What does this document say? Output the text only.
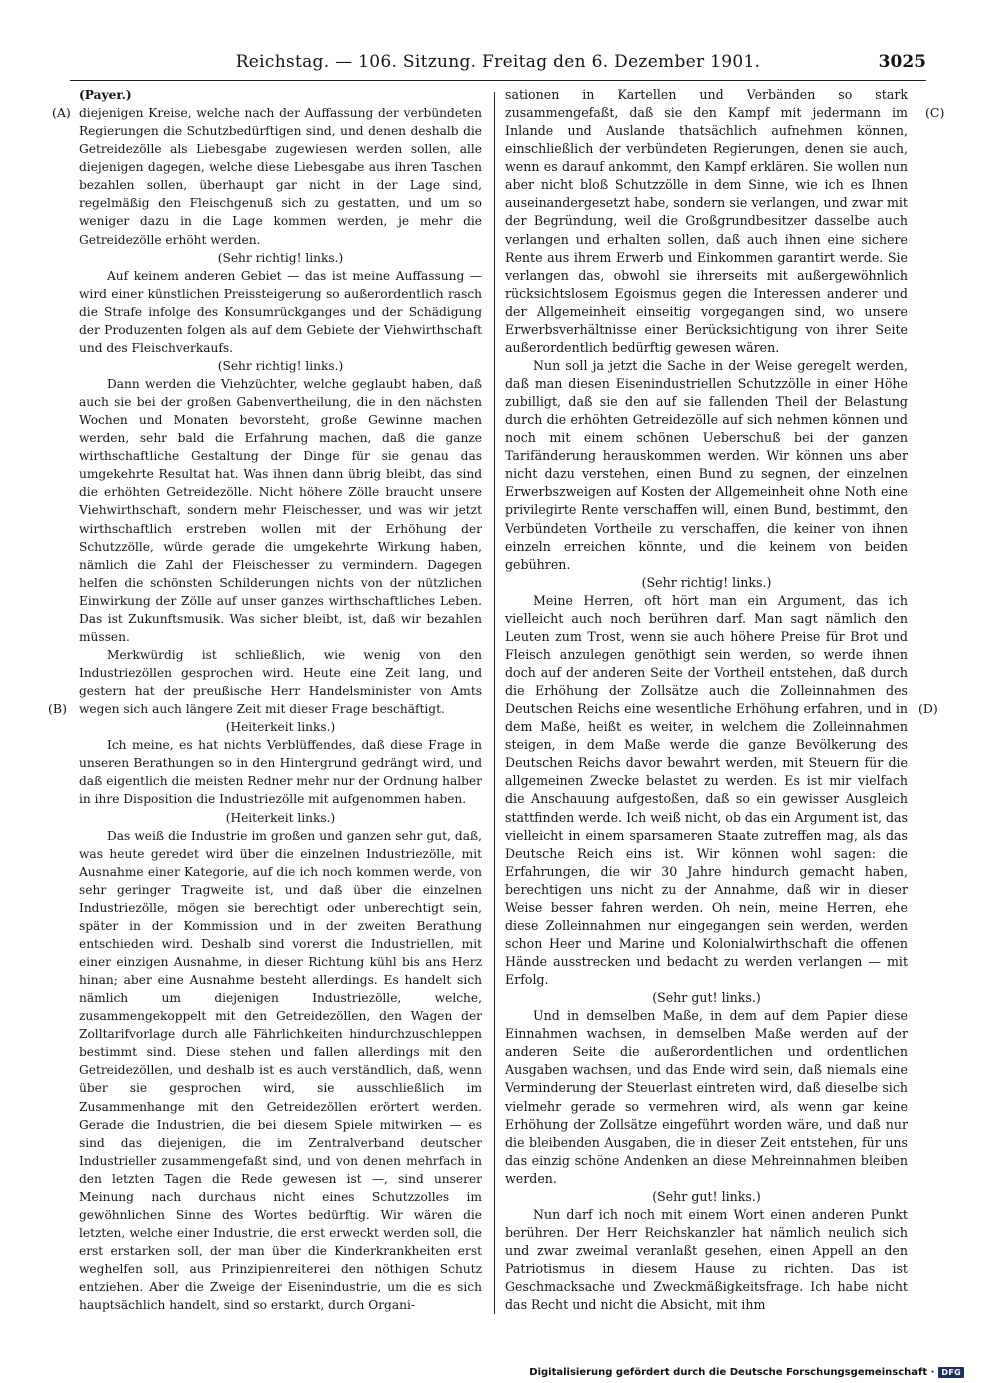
Reichstag. — 106. Sitzung. Freitag den 6. Dezember 1901.	3025
(A)
(B)
(C)
(D)

(Payer.)

diejenigen Kreise, welche nach der Auffassung der verbündeten Regierungen die Schutzbedürftigen sind, und denen deshalb die Getreidezölle als Liebesgabe zugewiesen werden sollen, alle diejenigen dagegen, welche diese Liebesgabe aus ihren Taschen bezahlen sollen, überhaupt gar nicht in der Lage sind, regelmäßig den Fleischgenuß sich zu gestatten, und um so weniger dazu in die Lage kommen werden, je mehr die Getreidezölle erhöht werden.

(Sehr richtig! links.)

Auf keinem anderen Gebiet — das ist meine Auffassung — wird einer künstlichen Preissteigerung so außerordentlich rasch die Strafe infolge des Konsumrückganges und der Schädigung der Produzenten folgen als auf dem Gebiete der Viehwirthschaft und des Fleischverkaufs.

(Sehr richtig! links.)

Dann werden die Viehzüchter, welche geglaubt haben, daß auch sie bei der großen Gabenvertheilung, die in den nächsten Wochen und Monaten bevorsteht, große Gewinne machen werden, sehr bald die Erfahrung machen, daß die ganze wirthschaftliche Gestaltung der Dinge für sie genau das umgekehrte Resultat hat. Was ihnen dann übrig bleibt, das sind die erhöhten Getreidezölle. Nicht höhere Zölle braucht unsere Viehwirthschaft, sondern mehr Fleischesser, und was wir jetzt wirthschaftlich erstreben wollen mit der Erhöhung der Schutzzölle, würde gerade die umgekehrte Wirkung haben, nämlich die Zahl der Fleischesser zu vermindern. Dagegen helfen die schönsten Schilderungen nichts von der nützlichen Einwirkung der Zölle auf unser ganzes wirthschaftliches Leben. Das ist Zukunftsmusik. Was sicher bleibt, ist, daß wir bezahlen müssen.

Merkwürdig ist schließlich, wie wenig von den Industriezöllen gesprochen wird. Heute eine Zeit lang, und gestern hat der preußische Herr Handelsminister von Amts wegen sich auch längere Zeit mit dieser Frage beschäftigt.

(Heiterkeit links.)

Ich meine, es hat nichts Verblüffendes, daß diese Frage in unseren Berathungen so in den Hintergrund gedrängt wird, und daß eigentlich die meisten Redner mehr nur der Ordnung halber in ihre Disposition die Industriezölle mit aufgenommen haben.

(Heiterkeit links.)

Das weiß die Industrie im großen und ganzen sehr gut, daß, was heute geredet wird über die einzelnen Industriezölle, mit Ausnahme einer Kategorie, auf die ich noch kommen werde, von sehr geringer Tragweite ist, und daß über die einzelnen Industriezölle, mögen sie berechtigt oder unberechtigt sein, später in der Kommission und in der zweiten Berathung entschieden wird. Deshalb sind vorerst die Industriellen, mit einer einzigen Ausnahme, in dieser Richtung kühl bis ans Herz hinan; aber eine Ausnahme besteht allerdings. Es handelt sich nämlich um diejenigen Industriezölle, welche, zusammengekoppelt mit den Getreidezöllen, den Wagen der Zolltarifvorlage durch alle Fährlichkeiten hindurchzuschleppen bestimmt sind. Diese stehen und fallen allerdings mit den Getreidezöllen, und deshalb ist es auch verständlich, daß, wenn über sie gesprochen wird, sie ausschließlich im Zusammenhange mit den Getreidezöllen erörtert werden. Gerade die Industrien, die bei diesem Spiele mitwirken — es sind das diejenigen, die im Zentralverband deutscher Industrieller zusammengefaßt sind, und von denen mehrfach in den letzten Tagen die Rede gewesen ist —, sind unserer Meinung nach durchaus nicht eines Schutzzolles im gewöhnlichen Sinne des Wortes bedürftig. Wir wären die letzten, welche einer Industrie, die erst erweckt werden soll, die erst erstarken soll, der man über die Kinderkrankheiten erst weghelfen soll, aus Prinzipienreiterei den nöthigen Schutz entziehen. Aber die Zweige der Eisenindustrie, um die es sich hauptsächlich handelt, sind so erstarkt, durch Organi-

sationen in Kartellen und Verbänden so stark zusammengefaßt, daß sie den Kampf mit jedermann im Inlande und Auslande thatsächlich aufnehmen können, einschließlich der verbündeten Regierungen, denen sie auch, wenn es darauf ankommt, den Kampf erklären. Sie wollen nun aber nicht bloß Schutzzölle in dem Sinne, wie ich es Ihnen auseinandergesetzt habe, sondern sie verlangen, und zwar mit der Begründung, weil die Großgrundbesitzer dasselbe auch verlangen und erhalten sollen, daß auch ihnen eine sichere Rente aus ihrem Erwerb und Einkommen garantirt werde. Sie verlangen das, obwohl sie ihrerseits mit außergewöhnlich rücksichtslosem Egoismus gegen die Interessen anderer und der Allgemeinheit einseitig vorgegangen sind, wo unsere Erwerbsverhältnisse einer Berücksichtigung von ihrer Seite außerordentlich bedürftig gewesen wären.

Nun soll ja jetzt die Sache in der Weise geregelt werden, daß man diesen Eisenindustriellen Schutzzölle in einer Höhe zubilligt, daß sie den auf sie fallenden Theil der Belastung durch die erhöhten Getreidezölle auf sich nehmen können und noch mit einem schönen Ueberschuß bei der ganzen Tarifänderung herauskommen werden. Wir können uns aber nicht dazu verstehen, einen Bund zu segnen, der einzelnen Erwerbszweigen auf Kosten der Allgemeinheit ohne Noth eine privilegirte Rente verschaffen will, einen Bund, bestimmt, den Verbündeten Vortheile zu verschaffen, die keiner von ihnen einzeln erreichen könnte, und die keinem von beiden gebühren.

(Sehr richtig! links.)

Meine Herren, oft hört man ein Argument, das ich vielleicht auch noch berühren darf. Man sagt nämlich den Leuten zum Trost, wenn sie auch höhere Preise für Brot und Fleisch anzulegen genöthigt sein werden, so werde ihnen doch auf der anderen Seite der Vortheil entstehen, daß durch die Erhöhung der Zollsätze auch die Zolleinnahmen des Deutschen Reichs eine wesentliche Erhöhung erfahren, und in dem Maße, heißt es weiter, in welchem die Zolleinnahmen steigen, in dem Maße werde die ganze Bevölkerung des Deutschen Reichs davor bewahrt werden, mit Steuern für die allgemeinen Zwecke belastet zu werden. Es ist mir vielfach die Anschauung aufgestoßen, daß so ein gewisser Ausgleich stattfinden werde. Ich weiß nicht, ob das ein Argument ist, das vielleicht in einem sparsameren Staate zutreffen mag, als das Deutsche Reich eins ist. Wir können wohl sagen: die Erfahrungen, die wir 30 Jahre hindurch gemacht haben, berechtigen uns nicht zu der Annahme, daß wir in dieser Weise besser fahren werden. Oh nein, meine Herren, ehe diese Zolleinnahmen nur eingegangen sein werden, werden schon Heer und Marine und Kolonialwirthschaft die offenen Hände ausstrecken und bedacht zu werden verlangen — mit Erfolg.

(Sehr gut! links.)

Und in demselben Maße, in dem auf dem Papier diese Einnahmen wachsen, in demselben Maße werden auf der anderen Seite die außerordentlichen und ordentlichen Ausgaben wachsen, und das Ende wird sein, daß niemals eine Verminderung der Steuerlast eintreten wird, daß dieselbe sich vielmehr gerade so vermehren wird, als wenn gar keine Erhöhung der Zollsätze eingeführt worden wäre, und daß nur die bleibenden Ausgaben, die in dieser Zeit entstehen, für uns das einzig schöne Andenken an diese Mehreinnahmen bleiben werden.

(Sehr gut! links.)

Nun darf ich noch mit einem Wort einen anderen Punkt berühren. Der Herr Reichskanzler hat nämlich neulich sich und zwar zweimal veranlaßt gesehen, einen Appell an den Patriotismus in diesem Hause zu richten. Das ist Geschmacksache und Zweckmäßigkeitsfrage. Ich habe nicht das Recht und nicht die Absicht, mit ihm

Digitalisierung gefördert durch die Deutsche Forschungsgemeinschaft · DFG
